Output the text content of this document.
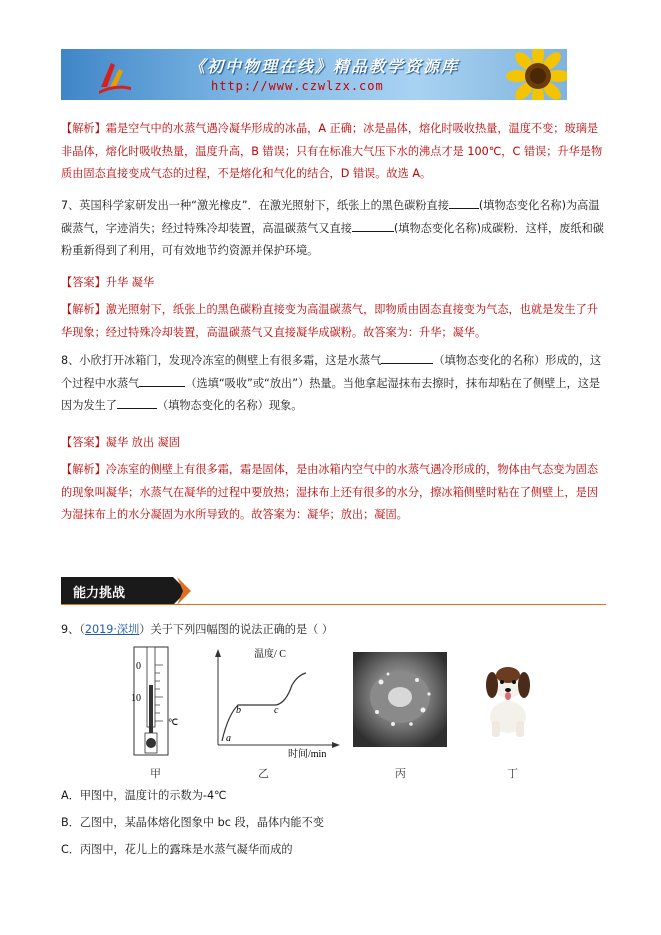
《初中物理在线》精品教学资源库
http://www.czwlzx.com

【解析】霜是空气中的水蒸气遇冷凝华形成的冰晶，A 正确；冰是晶体，熔化时吸收热量，温度不变；玻璃是非晶体，熔化时吸收热量，温度升高，B 错误；只有在标准大气压下水的沸点才是 100℃，C 错误；升华是物质由固态直接变成气态的过程，不是熔化和气化的结合，D 错误。故选 A。

7、英国科学家研发出一种“激光橡皮”．在激光照射下，纸张上的黑色碳粉直接	(填物态变化名称)为高温碳蒸气，字迹消失；经过特殊冷却装置，高温碳蒸气又直接	(填物态变化名称)成碳粉．这样，废纸和碳粉重新得到了利用，可有效地节约资源并保护环境。

【答案】升华 凝华

【解析】激光照射下，纸张上的黑色碳粉直接变为高温碳蒸气，即物质由固态直接变为气态，也就是发生了升华现象；经过特殊冷却装置，高温碳蒸气又直接凝华成碳粉。故答案为：升华；凝华。

8、小欣打开冰箱门，发现冷冻室的侧壁上有很多霜，这是水蒸气	（填物态变化的名称）形成的，这个过程中水蒸气	（选填“吸收”或“放出”）热量。当他拿起湿抹布去擦时，抹布却粘在了侧壁上，这是因为发生了	（填物态变化的名称）现象。

【答案】凝华 放出 凝固

【解析】冷冻室的侧壁上有很多霜，霜是固体，是由冰箱内空气中的水蒸气遇冷形成的，物体由气态变为固态的现象叫凝华；水蒸气在凝华的过程中要放热；湿抹布上还有很多的水分，擦冰箱侧壁时粘在了侧壁上，是因为湿抹布上的水分凝固为水所导致的。故答案为：凝华；放出；凝固。

能力挑战

9、（2019·深圳）关于下列四幅图的说法正确的是（ ）

0
10
℃
甲
温度/ C
时间/min
a
b	c
乙	丙	丁

A．甲图中，温度计的示数为-4℃

B．乙图中，某晶体熔化图象中 bc 段，晶体内能不变

C．丙图中，花儿上的露珠是水蒸气凝华而成的
